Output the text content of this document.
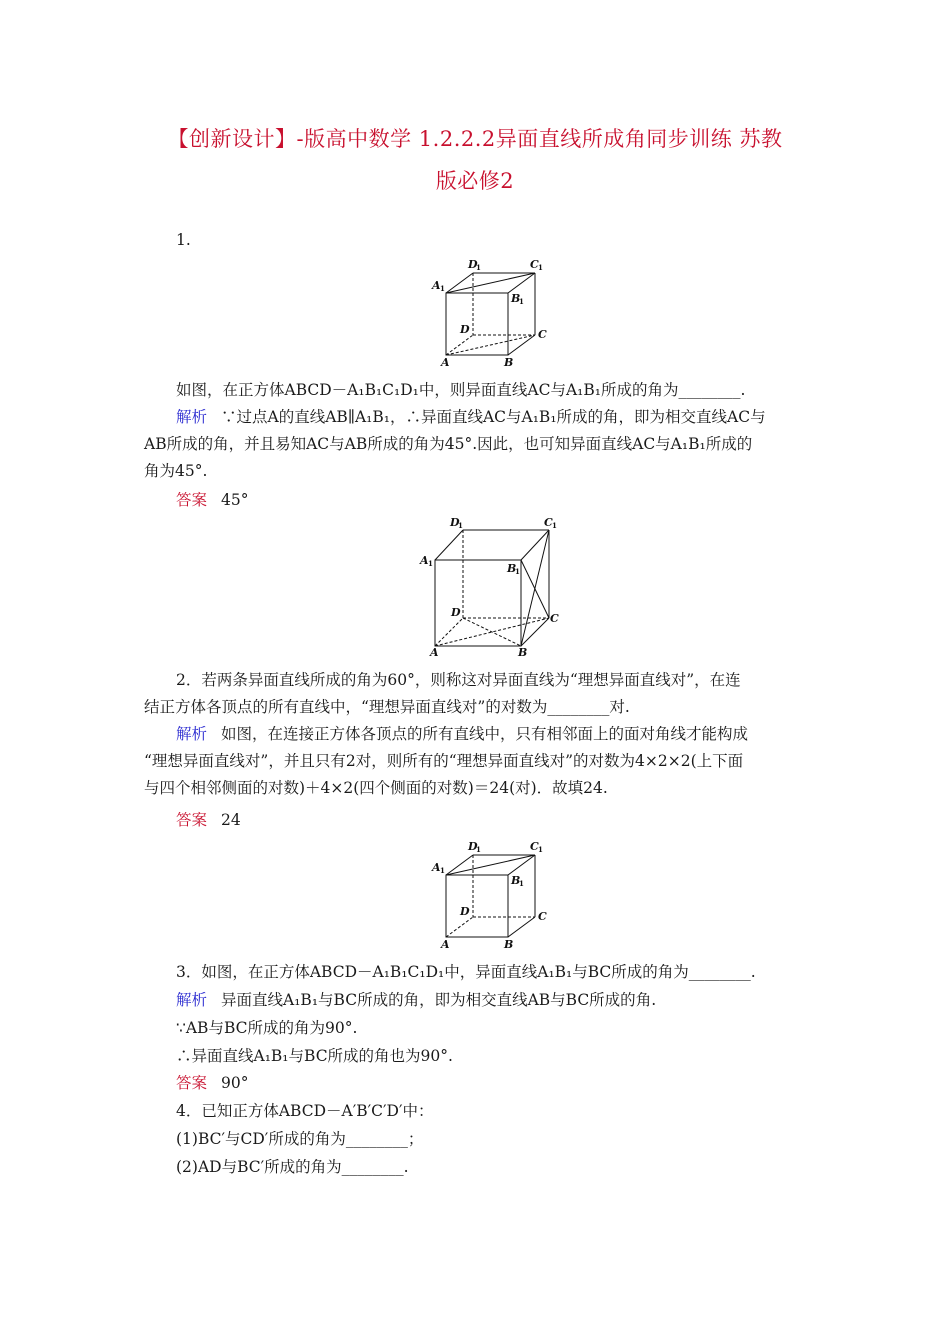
【创新设计】-版高中数学 1.2.2.2异面直线所成角同步训练 苏教
版必修2
1.
A 1
D
1	C 1
B
1
D	C
A	B
如图，在正方体ABCD－A₁B₁C₁D₁中，则异面直线AC与A₁B₁所成的角为________.
解析 ∵过点A的直线AB∥A₁B₁，∴异面直线AC与A₁B₁所成的角，即为相交直线AC与
AB所成的角，并且易知AC与AB所成的角为45°.因此，也可知异面直线AC与A₁B₁所成的
角为45°.
答案 45°
A 1
D
1	C 1
B
1
D	C
A	B
2．若两条异面直线所成的角为60°，则称这对异面直线为“理想异面直线对”，在连
结正方体各顶点的所有直线中，“理想异面直线对”的对数为________对.
解析 如图，在连接正方体各顶点的所有直线中，只有相邻面上的面对角线才能构成
“理想异面直线对”，并且只有2对，则所有的“理想异面直线对”的对数为4×2×2(上下面
与四个相邻侧面的对数)＋4×2(四个侧面的对数)＝24(对)．故填24.
答案 24
A 1
D
1	C 1
B
1
D	C
A	B
3．如图，在正方体ABCD－A₁B₁C₁D₁中，异面直线A₁B₁与BC所成的角为________.
解析 异面直线A₁B₁与BC所成的角，即为相交直线AB与BC所成的角.
∵AB与BC所成的角为90°.
∴异面直线A₁B₁与BC所成的角也为90°.
答案 90°
4．已知正方体ABCD－A′B′C′D′中：
(1)BC′与CD′所成的角为________；
(2)AD与BC′所成的角为________.
